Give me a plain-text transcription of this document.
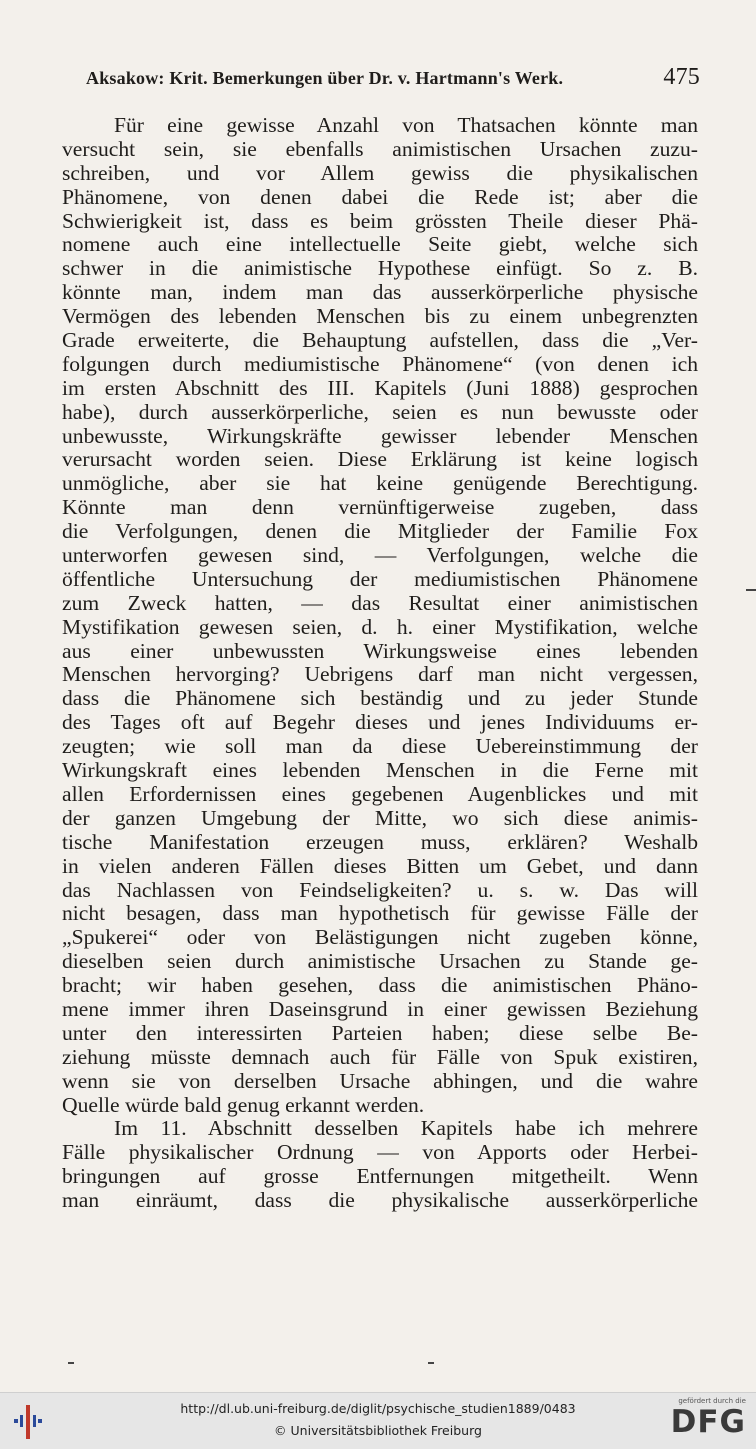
Aksakow: Krit. Bemerkungen über Dr. v. Hartmann's Werk.	475
Für eine gewisse Anzahl von Thatsachen könnte man
versucht sein, sie ebenfalls animistischen Ursachen zuzu-
schreiben, und vor Allem gewiss die physikalischen
Phänomene, von denen dabei die Rede ist; aber die
Schwierigkeit ist, dass es beim grössten Theile dieser Phä-
nomene auch eine intellectuelle Seite giebt, welche sich
schwer in die animistische Hypothese einfügt. So z. B.
könnte man, indem man das ausserkörperliche physische
Vermögen des lebenden Menschen bis zu einem unbegrenzten
Grade erweiterte, die Behauptung aufstellen, dass die „Ver-
folgungen durch mediumistische Phänomene“ (von denen ich
im ersten Abschnitt des III. Kapitels (Juni 1888) gesprochen
habe), durch ausserkörperliche, seien es nun bewusste oder
unbewusste, Wirkungskräfte gewisser lebender Menschen
verursacht worden seien. Diese Erklärung ist keine logisch
unmögliche, aber sie hat keine genügende Berechtigung.
Könnte man denn vernünftigerweise zugeben, dass
die Verfolgungen, denen die Mitglieder der Familie Fox
unterworfen gewesen sind, — Verfolgungen, welche die
öffentliche Untersuchung der mediumistischen Phänomene
zum Zweck hatten, — das Resultat einer animistischen
Mystifikation gewesen seien, d. h. einer Mystifikation, welche
aus einer unbewussten Wirkungsweise eines lebenden
Menschen hervorging? Uebrigens darf man nicht vergessen,
dass die Phänomene sich beständig und zu jeder Stunde
des Tages oft auf Begehr dieses und jenes Individuums er-
zeugten; wie soll man da diese Uebereinstimmung der
Wirkungskraft eines lebenden Menschen in die Ferne mit
allen Erfordernissen eines gegebenen Augenblickes und mit
der ganzen Umgebung der Mitte, wo sich diese animis-
tische Manifestation erzeugen muss, erklären? Weshalb
in vielen anderen Fällen dieses Bitten um Gebet, und dann
das Nachlassen von Feindseligkeiten? u. s. w. Das will
nicht besagen, dass man hypothetisch für gewisse Fälle der
„Spukerei“ oder von Belästigungen nicht zugeben könne,
dieselben seien durch animistische Ursachen zu Stande ge-
bracht; wir haben gesehen, dass die animistischen Phäno-
mene immer ihren Daseinsgrund in einer gewissen Beziehung
unter den interessirten Parteien haben; diese selbe Be-
ziehung müsste demnach auch für Fälle von Spuk existiren,
wenn sie von derselben Ursache abhingen, und die wahre
Quelle würde bald genug erkannt werden.
Im 11. Abschnitt desselben Kapitels habe ich mehrere
Fälle physikalischer Ordnung — von Apports oder Herbei-
bringungen auf grosse Entfernungen mitgetheilt. Wenn
man einräumt, dass die physikalische ausserkörperliche
http://dl.ub.uni-freiburg.de/diglit/psychische_studien1889/0483
© Universitätsbibliothek Freiburg
gefördert durch die
DFG
